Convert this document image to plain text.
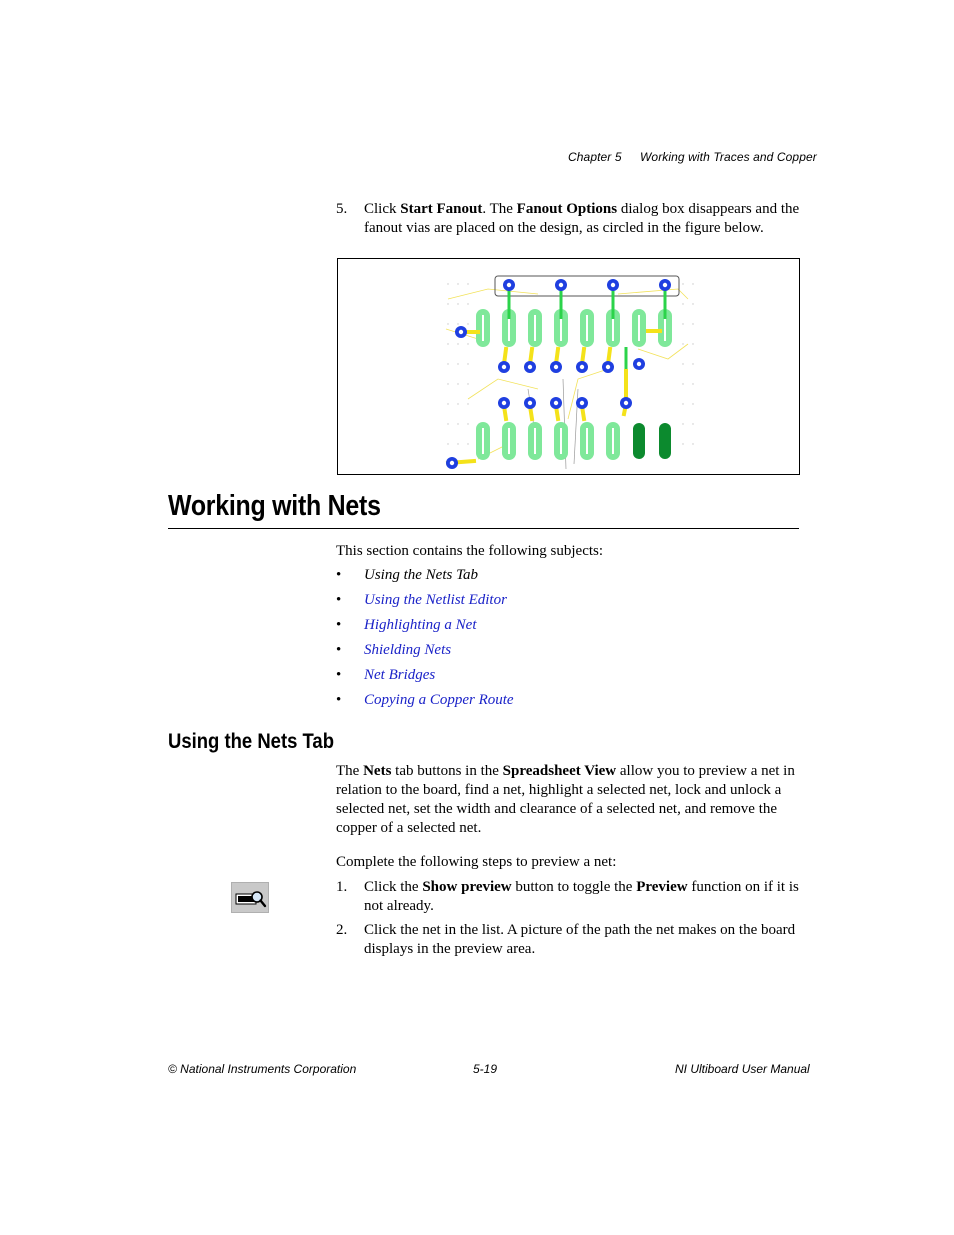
Chapter 5 Working with Traces and Copper
5. Click Start Fanout. The Fanout Options dialog box disappears and the fanout vias are placed on the design, as circled in the figure below.
Working with Nets
This section contains the following subjects:
• Using the Nets Tab
• Using the Netlist Editor
• Highlighting a Net
• Shielding Nets
• Net Bridges
• Copying a Copper Route
Using the Nets Tab
The Nets tab buttons in the Spreadsheet View allow you to preview a net in relation to the board, find a net, highlight a selected net, lock and unlock a selected net, set the width and clearance of a selected net, and remove the copper of a selected net.
Complete the following steps to preview a net:
1. Click the Show preview button to toggle the Preview function on if it is not already.
2. Click the net in the list. A picture of the path the net makes on the board displays in the preview area.
© National Instruments Corporation	5-19	NI Ultiboard User Manual
